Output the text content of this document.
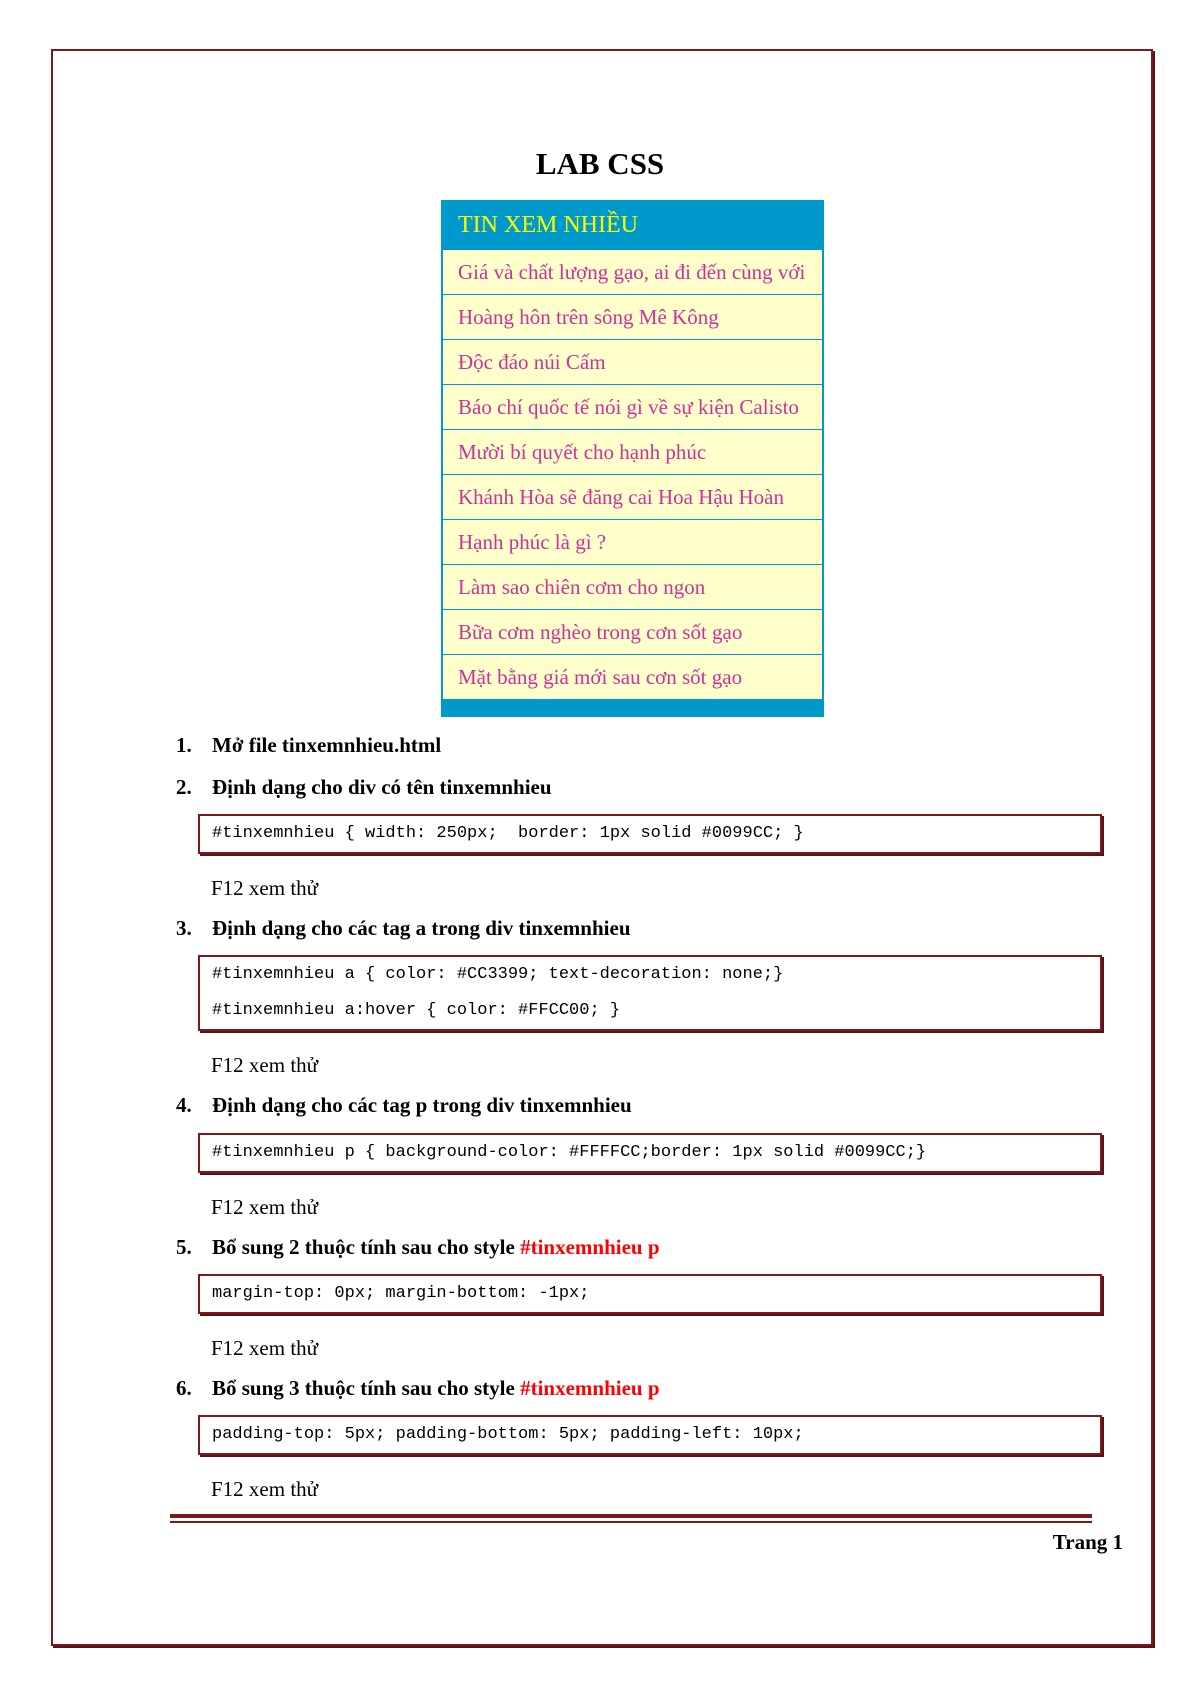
LAB CSS
TIN XEM NHIỀU
Giá và chất lượng gạo, ai đi đến cùng với
Hoàng hôn trên sông Mê Kông
Độc đáo núi Cấm
Báo chí quốc tế nói gì về sự kiện Calisto
Mười bí quyết cho hạnh phúc
Khánh Hòa sẽ đăng cai Hoa Hậu Hoàn
Hạnh phúc là gì ?
Làm sao chiên cơm cho ngon
Bữa cơm nghèo trong cơn sốt gạo
Mặt bằng giá mới sau cơn sốt gạo
1. Mở file tinxemnhieu.html
2. Định dạng cho div có tên tinxemnhieu
#tinxemnhieu { width: 250px;  border: 1px solid #0099CC; }
F12 xem thử
3. Định dạng cho các tag a trong div tinxemnhieu
#tinxemnhieu a { color: #CC3399; text-decoration: none;}
#tinxemnhieu a:hover { color: #FFCC00; }
F12 xem thử
4. Định dạng cho các tag p trong div tinxemnhieu
#tinxemnhieu p { background-color: #FFFFCC;border: 1px solid #0099CC;}
F12 xem thử
5. Bổ sung 2 thuộc tính sau cho style #tinxemnhieu p
margin-top: 0px; margin-bottom: -1px;
F12 xem thử
6. Bổ sung 3 thuộc tính sau cho style #tinxemnhieu p
padding-top: 5px; padding-bottom: 5px; padding-left: 10px;
F12 xem thử
Trang 1
